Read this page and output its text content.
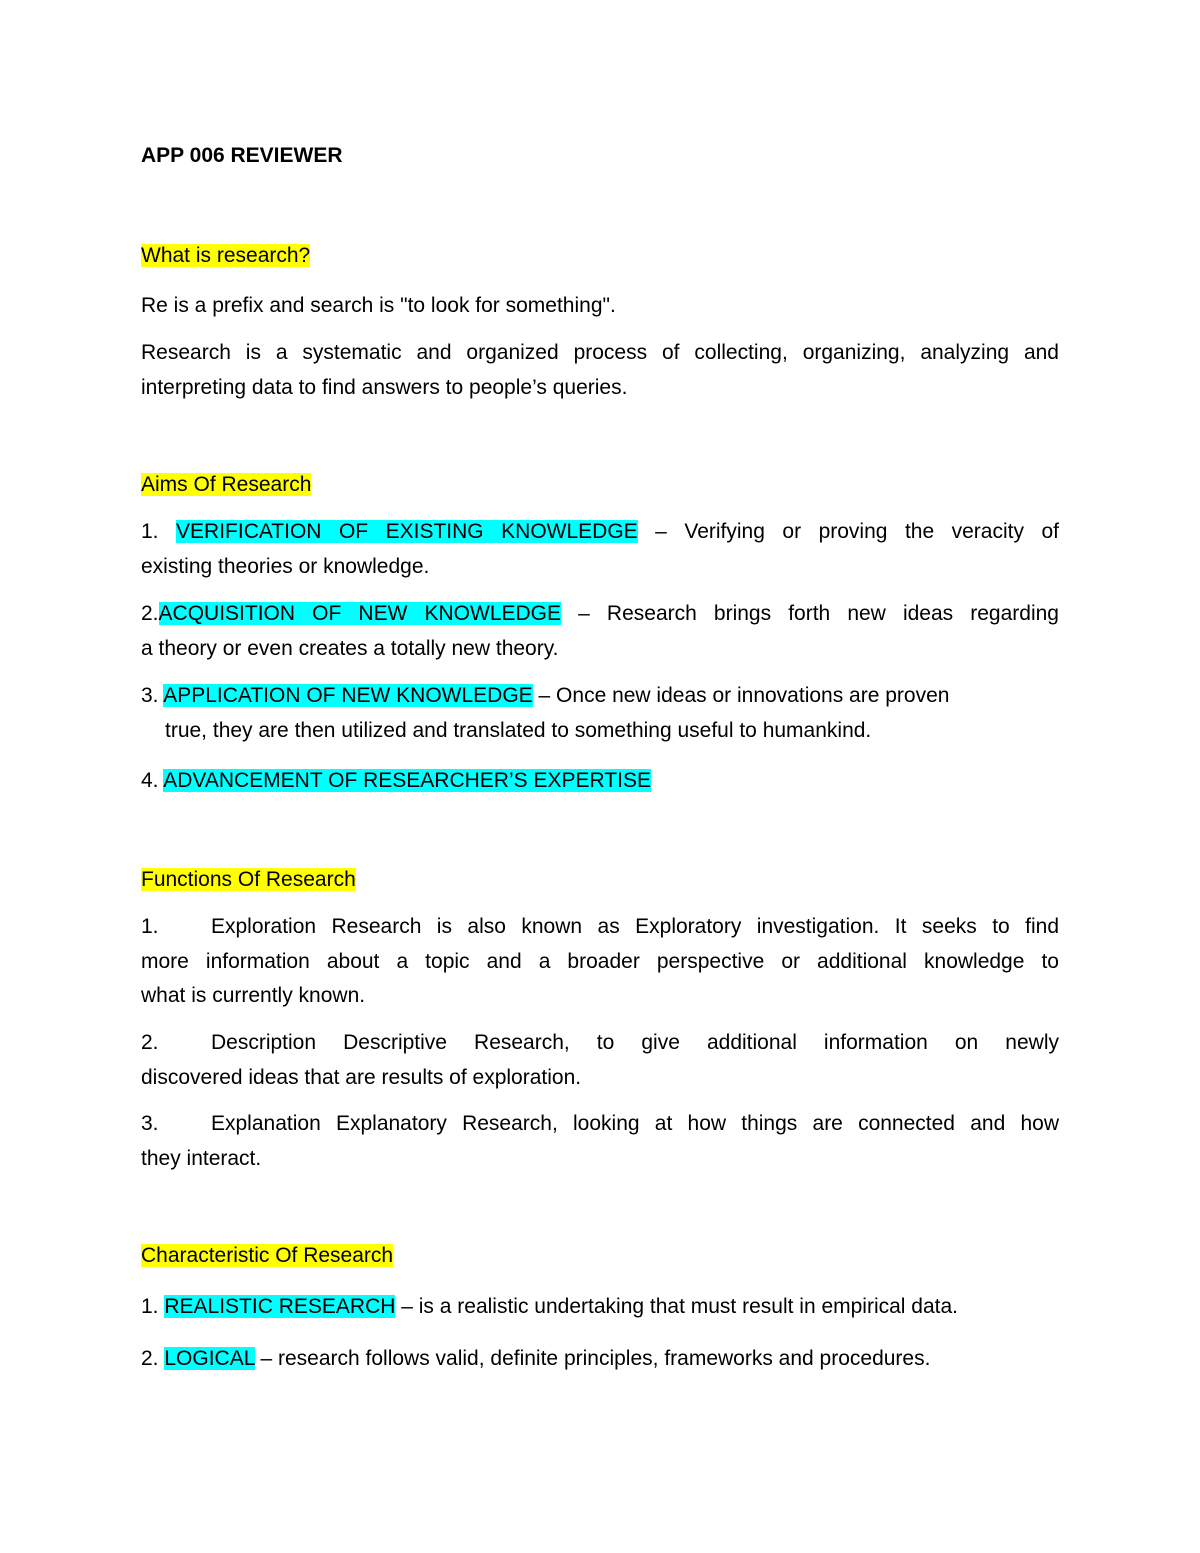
APP 006 REVIEWER
What is research?
Re is a prefix and search is "to look for something".
Research is a systematic and organized process of collecting, organizing, analyzing and
interpreting data to find answers to people’s queries.
Aims Of Research
1. VERIFICATION OF EXISTING KNOWLEDGE – Verifying or proving the veracity of
existing theories or knowledge.
2.ACQUISITION OF NEW KNOWLEDGE – Research brings forth new ideas regarding
a theory or even creates a totally new theory.
3. APPLICATION OF NEW KNOWLEDGE – Once new ideas or innovations are proven
true, they are then utilized and translated to something useful to humankind.
4. ADVANCEMENT OF RESEARCHER’S EXPERTISE
Functions Of Research
1. Exploration Research is also known as Exploratory investigation. It seeks to find
more information about a topic and a broader perspective or additional knowledge to
what is currently known.
2. Description Descriptive Research, to give additional information on newly
discovered ideas that are results of exploration.
3. Explanation Explanatory Research, looking at how things are connected and how
they interact.
Characteristic Of Research
1. REALISTIC RESEARCH – is a realistic undertaking that must result in empirical data.
2. LOGICAL – research follows valid, definite principles, frameworks and procedures.
